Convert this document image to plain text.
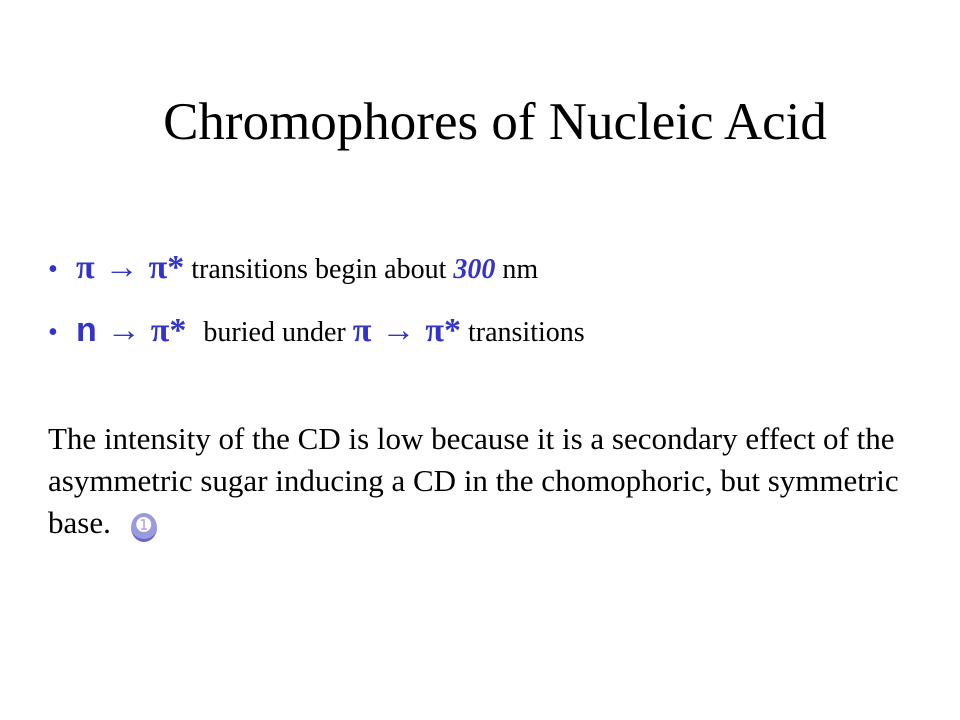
Chromophores of Nucleic Acid
• π → π* transitions begin about 300 nm
• n → π* buried under π → π* transitions
The intensity of the CD is low because it is a secondary effect of the asymmetric sugar inducing a CD in the chomophoric, but symmetric base. ➊
